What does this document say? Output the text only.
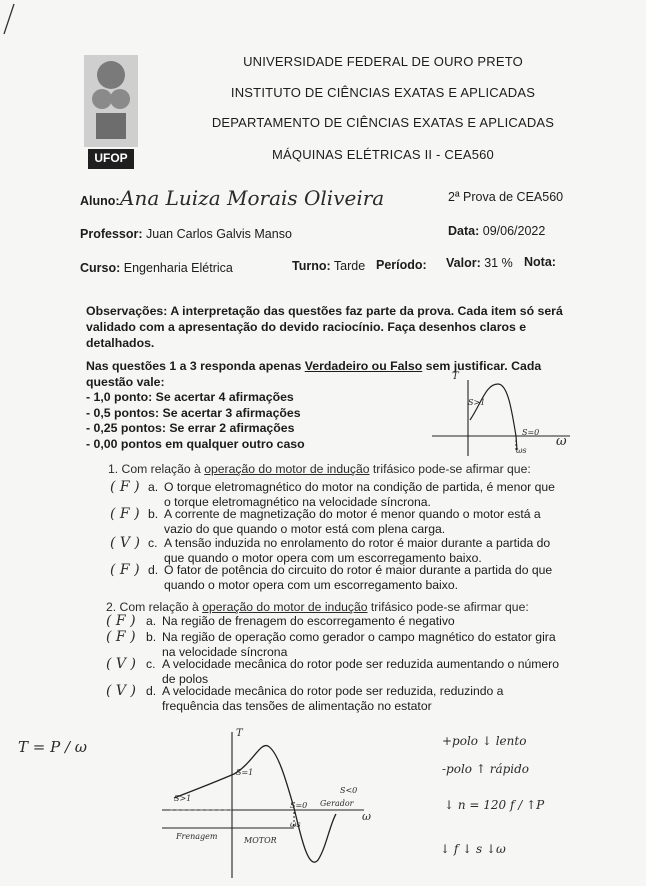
UFOP
UNIVERSIDADE FEDERAL DE OURO PRETO
INSTITUTO DE CIÊNCIAS EXATAS E APLICADAS
DEPARTAMENTO DE CIÊNCIAS EXATAS E APLICADAS
MÁQUINAS ELÉTRICAS II - CEA560
Aluno: Ana Luiza Morais Oliveira	2ª Prova de CEA560
Professor: Juan Carlos Galvis Manso	Data: 09/06/2022
Curso: Engenharia Elétrica	Turno: Tarde Período: Valor: 31 % Nota:
Observações: A interpretação das questões faz parte da prova. Cada item só será
validado com a apresentação do devido raciocínio. Faça desenhos claros e
detalhados.
Nas questões 1 a 3 responda apenas Verdadeiro ou Falso sem justificar. Cada
questão vale:
- 1,0 ponto: Se acertar 4 afirmações
- 0,5 pontos: Se acertar 3 afirmações
- 0,25 pontos: Se errar 2 afirmações
- 0,00 pontos em qualquer outro caso
T
S>1
S=0
ωs
ω
1. Com relação à operação do motor de indução trifásico pode-se afirmar que:
( F ) a. O torque eletromagnético do motor na condição de partida, é menor que
o torque eletromagnético na velocidade síncrona.
( F ) b. A corrente de magnetização do motor é menor quando o motor está a
vazio do que quando o motor está com plena carga.
( V ) c. A tensão induzida no enrolamento do rotor é maior durante a partida do
que quando o motor opera com um escorregamento baixo.
( F ) d. O fator de potência do circuito do rotor é maior durante a partida do que
quando o motor opera com um escorregamento baixo.
2. Com relação à operação do motor de indução trifásico pode-se afirmar que:
( F ) a. Na região de frenagem do escorregamento é negativo
( F ) b. Na região de operação como gerador o campo magnético do estator gira
na velocidade síncrona
( V ) c. A velocidade mecânica do rotor pode ser reduzida aumentando o número
de polos
( V ) d. A velocidade mecânica do rotor pode ser reduzida, reduzindo a
frequência das tensões de alimentação no estator
T = P / ω
T
S=1
S>1
S=0
S<0
Gerador
Frenagem	MOTOR
ω
ωs
+polo ↓ lento
-polo ↑ rápido
↓ n = 120 f / ↑P
↓ f ↓ s ↓ω
